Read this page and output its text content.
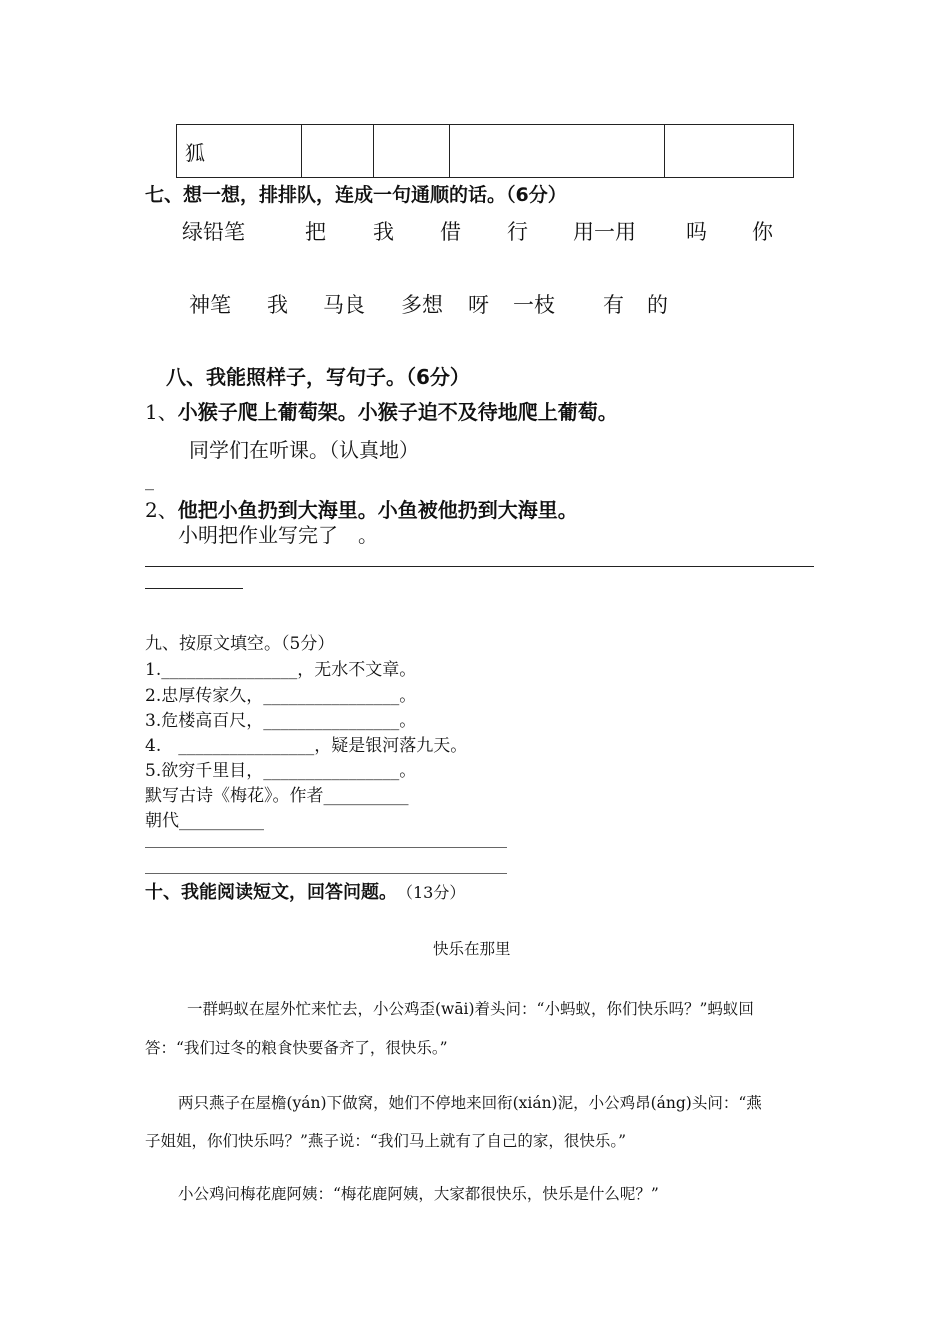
狐				
七、想一想，排排队，连成一句通顺的话。（6分）
绿铅笔	把 我 借 行 用一用 吗 你
神笔 我 马良 多想 呀 一枝 有 的
八、我能照样子，写句子。（6分）
1、小猴子爬上葡萄架。小猴子迫不及待地爬上葡萄。
同学们在听课。（认真地）
_
2、他把小鱼扔到大海里。小鱼被他扔到大海里。
小明把作业写完了　。
九、按原文填空。（5分）
1.________________，无水不文章。
2.忠厚传家久，________________。
3.危楼高百尺，________________。
4.　________________，疑是银河落九天。
5.欲穷千里目，________________。
默写古诗《梅花》。作者__________
朝代__________
十、我能阅读短文，回答问题。 （13分）
快乐在那里
一群蚂蚁在屋外忙来忙去，小公鸡歪(wāi)着头问：“小蚂蚁，你们快乐吗？”蚂蚁回
答：“我们过冬的粮食快要备齐了，很快乐。”
两只燕子在屋檐(yán)下做窝，她们不停地来回衔(xián)泥，小公鸡昂(áng)头问：“燕
子姐姐，你们快乐吗？”燕子说：“我们马上就有了自己的家，很快乐。”
小公鸡问梅花鹿阿姨：“梅花鹿阿姨，大家都很快乐，快乐是什么呢？”
